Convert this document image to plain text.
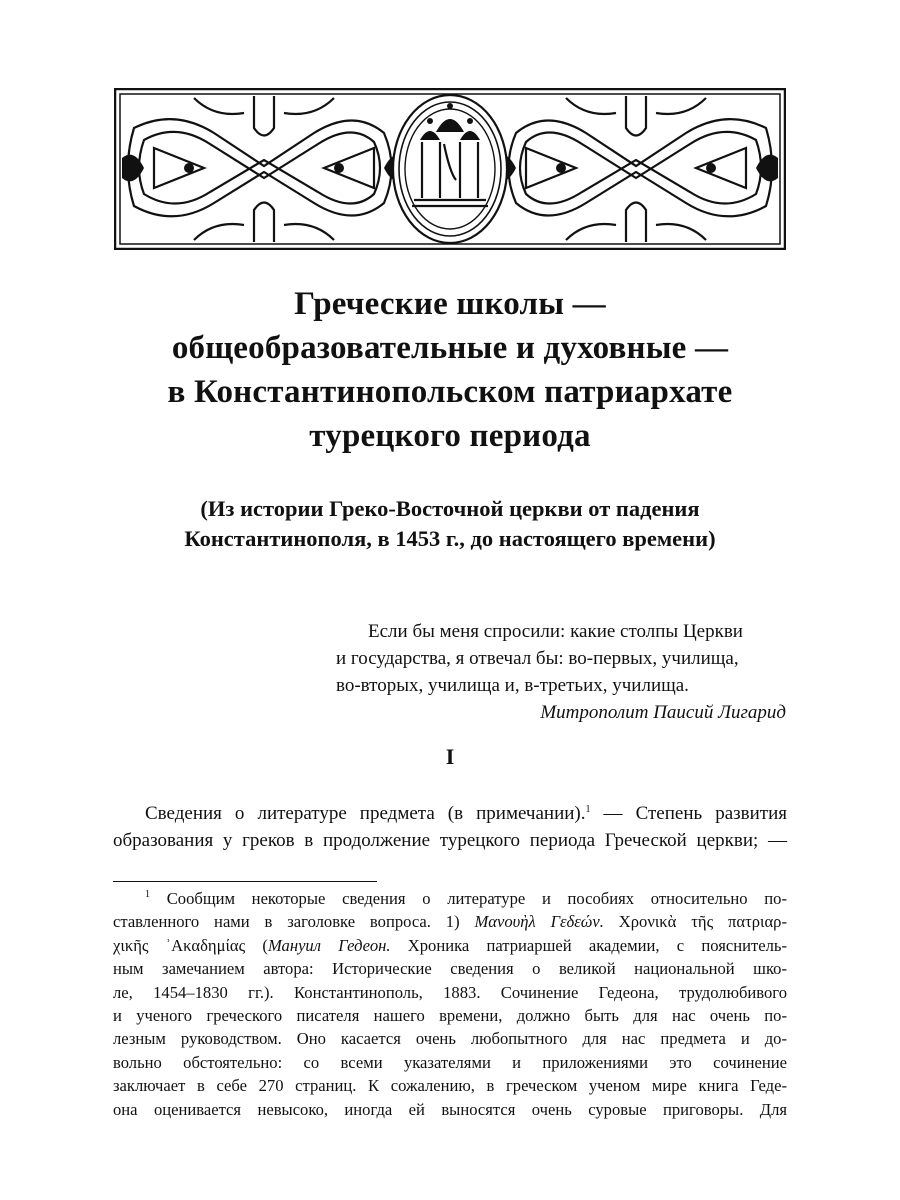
Греческие школы —
общеобразовательные и духовные —
в Константинопольском патриархате
турецкого периода
(Из истории Греко-Восточной церкви от падения
Константинополя, в 1453 г., до настоящего времени)
Если бы меня спросили: какие столпы Церкви
и государства, я отвечал бы: во-первых, училища,
во-вторых, училища и, в-третьих, училища.
Митрополит Паисий Лигарид
I
Сведения о литературе предмета (в примечании).$^1$ — Степень развития
образования у греков в продолжение турецкого периода Греческой церкви; —
$^1$ Сообщим некоторые сведения о литературе и пособиях относительно по-
ставленного нами в заголовке вопроса. 1) Μανουὴλ Γεδεών. Χρονικὰ τῆς πατριαρ-
χικῆς ʾΑκαδημίας (Мануил Гедеон. Хроника патриаршей академии, с пояснитель-
ным замечанием автора: Исторические сведения о великой национальной шко-
ле, 1454–1830 гг.). Константинополь, 1883. Сочинение Гедеона, трудолюбивого
и ученого греческого писателя нашего времени, должно быть для нас очень по-
лезным руководством. Оно касается очень любопытного для нас предмета и до-
вольно обстоятельно: со всеми указателями и приложениями это сочинение
заключает в себе 270 страниц. К сожалению, в греческом ученом мире книга Геде-
она оценивается невысоко, иногда ей выносятся очень суровые приговоры. Для
